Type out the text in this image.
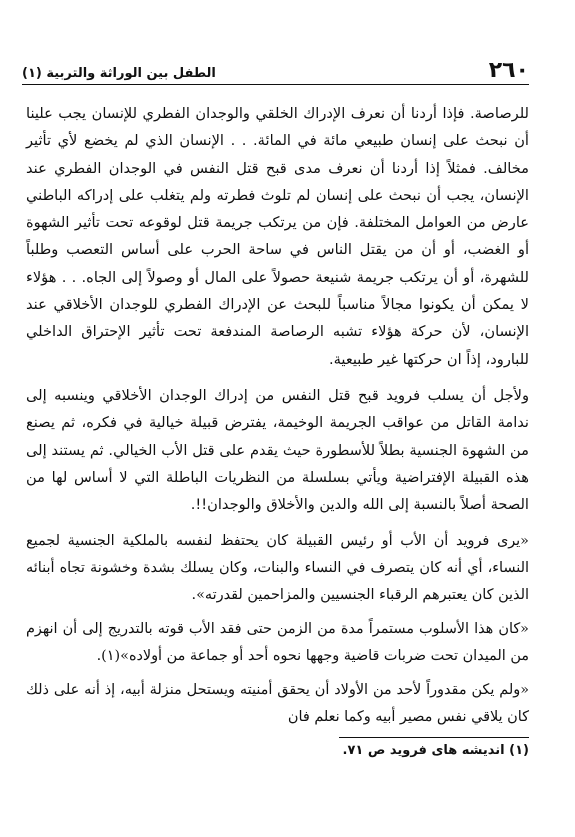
٢٦٠
الطفل بين الوراثة والتربية (١)

للرصاصة. فإذا أردنا أن نعرف الإدراك الخلقي والوجدان الفطري للإنسان يجب علينا أن نبحث على إنسان طبيعي مائة في المائة. . . الإنسان الذي لم يخضع لأي تأثير مخالف. فمثلاً إذا أردنا أن نعرف مدى قبح قتل النفس في الوجدان الفطري عند الإنسان، يجب أن نبحث على إنسان لم تلوث فطرته ولم يتغلب على إدراكه الباطني عارض من العوامل المختلفة. فإن من يرتكب جريمة قتل لوقوعه تحت تأثير الشهوة أو الغضب، أو أن من يقتل الناس في ساحة الحرب على أساس التعصب وطلباً للشهرة، أو أن يرتكب جريمة شنيعة حصولاً على المال أو وصولاً إلى الجاه. . . هؤلاء لا يمكن أن يكونوا مجالاً مناسباً للبحث عن الإدراك الفطري للوجدان الأخلاقي عند الإنسان، لأن حركة هؤلاء تشبه الرصاصة المندفعة تحت تأثير الإحتراق الداخلي للبارود، إذاً ان حركتها غير طبيعية.

ولأجل أن يسلب فرويد قبح قتل النفس من إدراك الوجدان الأخلاقي وينسبه إلى ندامة القاتل من عواقب الجريمة الوخيمة، يفترض قبيلة خيالية في فكره، ثم يصنع من الشهوة الجنسية بطلاً للأسطورة حيث يقدم على قتل الأب الخيالي. ثم يستند إلى هذه القبيلة الإفتراضية ويأتي بسلسلة من النظريات الباطلة التي لا أساس لها من الصحة أصلاً بالنسبة إلى الله والدين والأخلاق والوجدان!!.

«يرى فرويد أن الأب أو رئيس القبيلة كان يحتفظ لنفسه بالملكية الجنسية لجميع النساء، أي أنه كان يتصرف في النساء والبنات، وكان يسلك بشدة وخشونة تجاه أبنائه الذين كان يعتبرهم الرقباء الجنسيين والمزاحمين لقدرته».

«كان هذا الأسلوب مستمراً مدة من الزمن حتى فقد الأب قوته بالتدريج إلى أن انهزم من الميدان تحت ضربات قاضية وجهها نحوه أحد أو جماعة من أولاده»(١).

«ولم يكن مقدوراً لأحد من الأولاد أن يحقق أمنيته ويستحل منزلة أبيه، إذ أنه على ذلك كان يلاقي نفس مصير أبيه وكما نعلم فان

(١) انديشه هاى فرويد ص ٧١.
